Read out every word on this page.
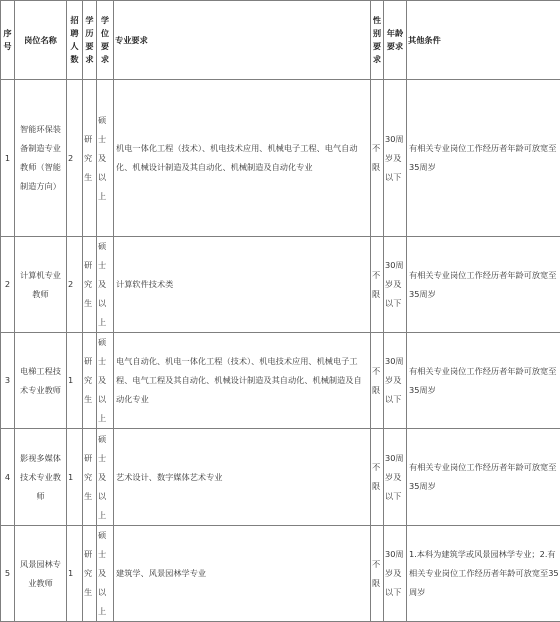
序号	岗位名称	招聘人数	学历要求	学位要求	专业要求	性别要求	年龄要求	其他条件
1	智能环保装备制造专业教师（智能制造方向）	2	研究生	硕士及以上	机电一体化工程（技术）、机电技术应用、机械电子工程、电气自动化、机械设计制造及其自动化、机械制造及自动化专业	不限	30周岁及以下	有相关专业岗位工作经历者年龄可放宽至35周岁
2	计算机专业教师	2	研究生	硕士及以上	计算软件技术类	不限	30周岁及以下	有相关专业岗位工作经历者年龄可放宽至35周岁
3	电梯工程技术专业教师	1	研究生	硕士及以上	电气自动化、机电一体化工程（技术）、机电技术应用、机械电子工程、电气工程及其自动化、机械设计制造及其自动化、机械制造及自动化专业	不限	30周岁及以下	有相关专业岗位工作经历者年龄可放宽至35周岁
4	影视多媒体技术专业教师	1	研究生	硕士及以上	艺术设计、数字媒体艺术专业	不限	30周岁及以下	有相关专业岗位工作经历者年龄可放宽至35周岁
5	风景园林专业教师	1	研究生	硕士及以上	建筑学、风景园林学专业	不限	30周岁及以下	1.本科为建筑学或风景园林学专业；2.有相关专业岗位工作经历者年龄可放宽至35周岁
